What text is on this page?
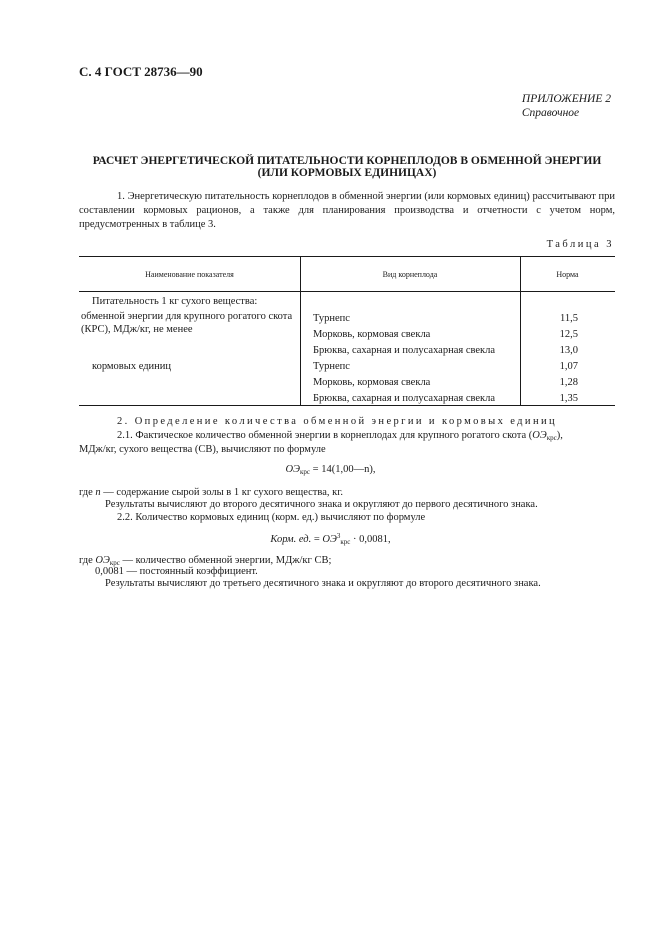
С. 4 ГОСТ 28736—90
ПРИЛОЖЕНИЕ 2
Справочное
РАСЧЕТ ЭНЕРГЕТИЧЕСКОЙ ПИТАТЕЛЬНОСТИ КОРНЕПЛОДОВ В ОБМЕННОЙ ЭНЕРГИИ
(ИЛИ КОРМОВЫХ ЕДИНИЦАХ)

1. Энергетическую питательность корнеплодов в обменной энергии (или кормовых единиц) рассчитывают при составлении кормовых рационов, а также для планирования производства и отчетности с учетом норм, предусмотренных в таблице 3.

Таблица 3
Наименование показателя	Вид корнеплода	Норма
Питательность 1 кг сухого вещества:
обменной энергии для крупного рогатого скота (КРС), МДж/кг, не менее
Турнепс	11,5
Морковь, кормовая свекла	12,5
Брюква, сахарная и полусахарная свекла	13,0
кормовых единиц	Турнепс	1,07
Морковь, кормовая свекла	1,28
Брюква, сахарная и полусахарная свекла	1,35
2. Определение количества обменной энергии и кормовых единиц
2.1. Фактическое количество обменной энергии в корнеплодах для крупного рогатого скота $(ОЭ_{крс})$,
МДж/кг, сухого вещества (СВ), вычисляют по формуле
$ОЭ_{крс}$ = 14(1,00—n),
где n — содержание сырой золы в 1 кг сухого вещества, кг.
Результаты вычисляют до второго десятичного знака и округляют до первого десятичного знака.
2.2. Количество кормовых единиц (корм. ед.) вычисляют по формуле
Корм. ед. = $ОЭ^3_{крс} \cdot 0,0081$,
где $ОЭ_{крс}$ — количество обменной энергии, МДж/кг СВ;
0,0081 — постоянный коэффициент.
Результаты вычисляют до третьего десятичного знака и округляют до второго десятичного знака.
